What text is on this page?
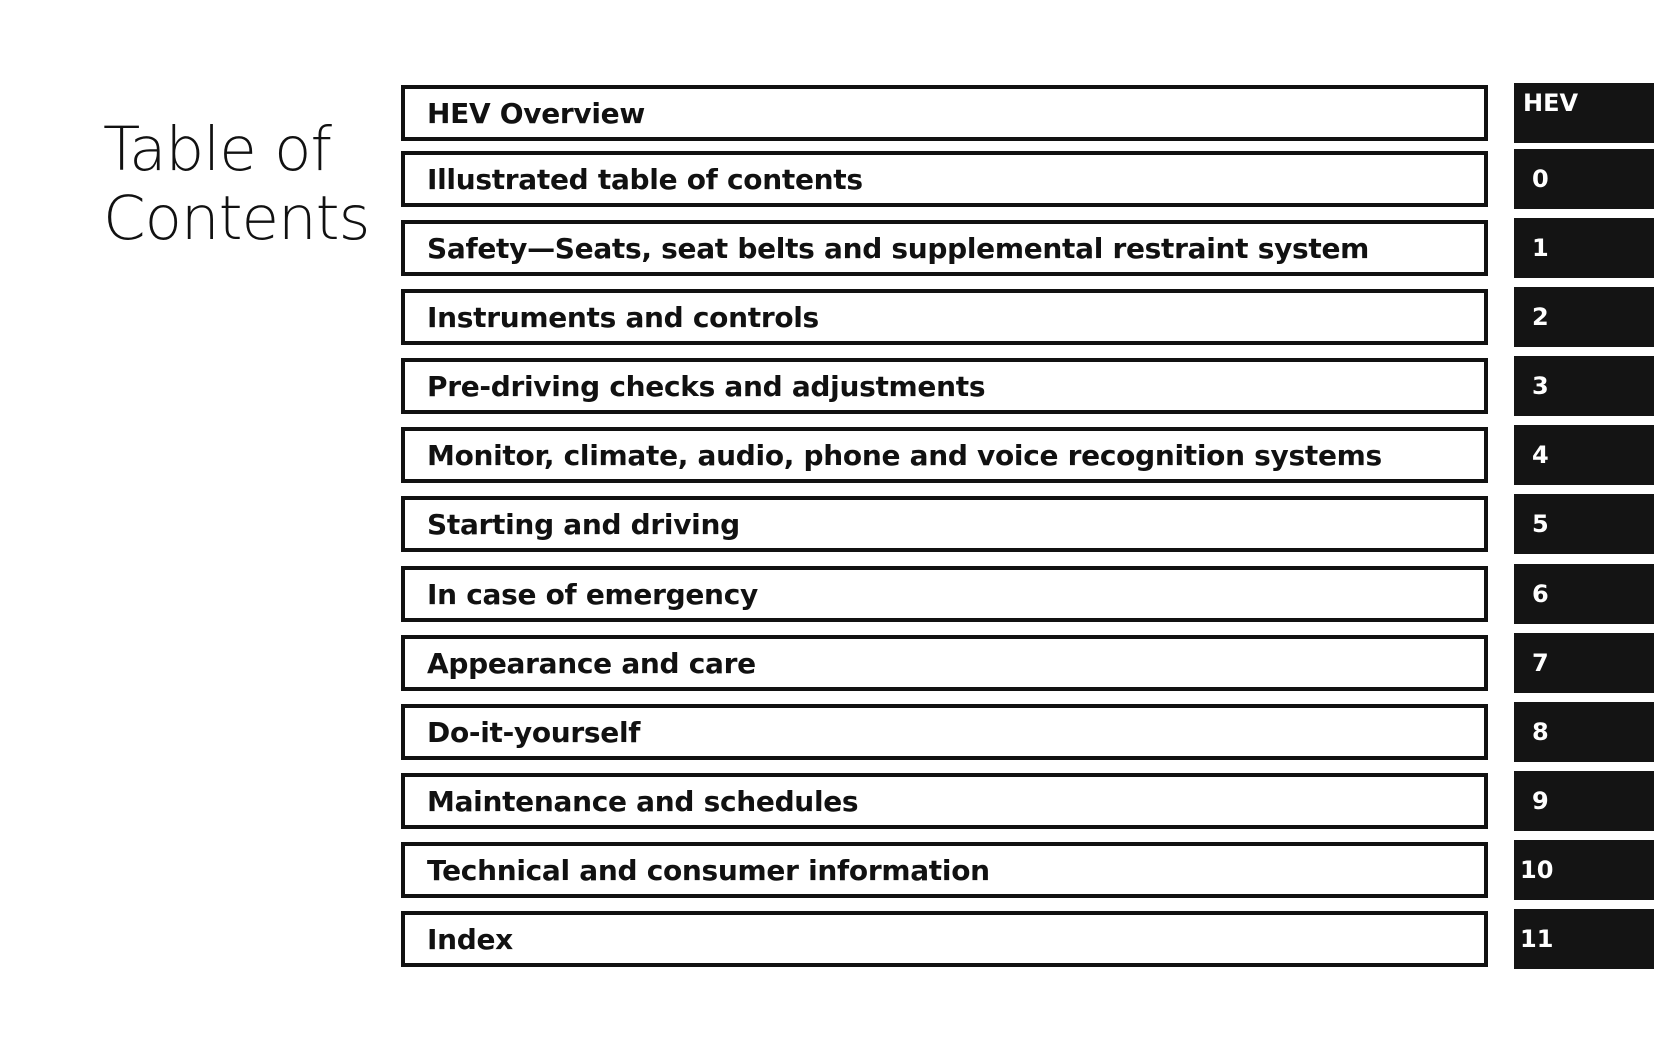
Table of
Contents
HEV Overview	HEV
Illustrated table of contents	0
Safety—Seats, seat belts and supplemental restraint system	1
Instruments and controls	2
Pre-driving checks and adjustments	3
Monitor, climate, audio, phone and voice recognition systems	4
Starting and driving	5
In case of emergency	6
Appearance and care	7
Do-it-yourself	8
Maintenance and schedules	9
Technical and consumer information	10
Index	11
